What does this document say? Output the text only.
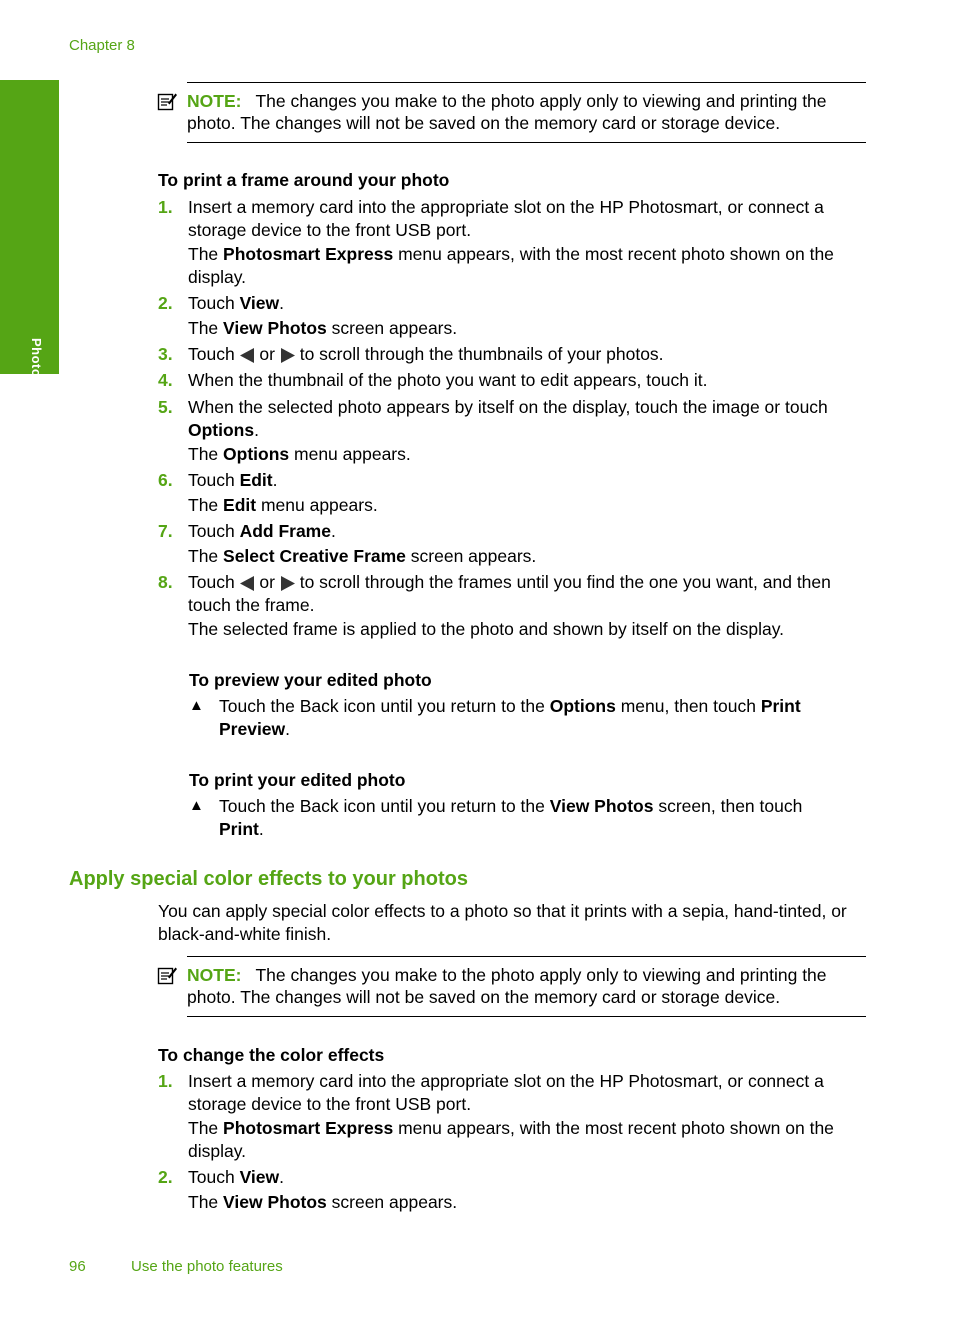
Chapter 8
Photos
NOTE: The changes you make to the photo apply only to viewing and printing the photo. The changes will not be saved on the memory card or storage device.
To print a frame around your photo
1. Insert a memory card into the appropriate slot on the HP Photosmart, or connect a storage device to the front USB port.
The Photosmart Express menu appears, with the most recent photo shown on the display.
2. Touch View.
The View Photos screen appears.
3. Touch  or  to scroll through the thumbnails of your photos.
4. When the thumbnail of the photo you want to edit appears, touch it.
5. When the selected photo appears by itself on the display, touch the image or touch Options.
The Options menu appears.
6. Touch Edit.
The Edit menu appears.
7. Touch Add Frame.
The Select Creative Frame screen appears.
8. Touch  or  to scroll through the frames until you find the one you want, and then touch the frame.
The selected frame is applied to the photo and shown by itself on the display.
To preview your edited photo
▲ Touch the Back icon until you return to the Options menu, then touch Print Preview.
To print your edited photo
▲ Touch the Back icon until you return to the View Photos screen, then touch Print.
Apply special color effects to your photos
You can apply special color effects to a photo so that it prints with a sepia, hand-tinted, or black-and-white finish.
NOTE: The changes you make to the photo apply only to viewing and printing the photo. The changes will not be saved on the memory card or storage device.
To change the color effects
1. Insert a memory card into the appropriate slot on the HP Photosmart, or connect a storage device to the front USB port.
The Photosmart Express menu appears, with the most recent photo shown on the display.
2. Touch View.
The View Photos screen appears.
96	Use the photo features
